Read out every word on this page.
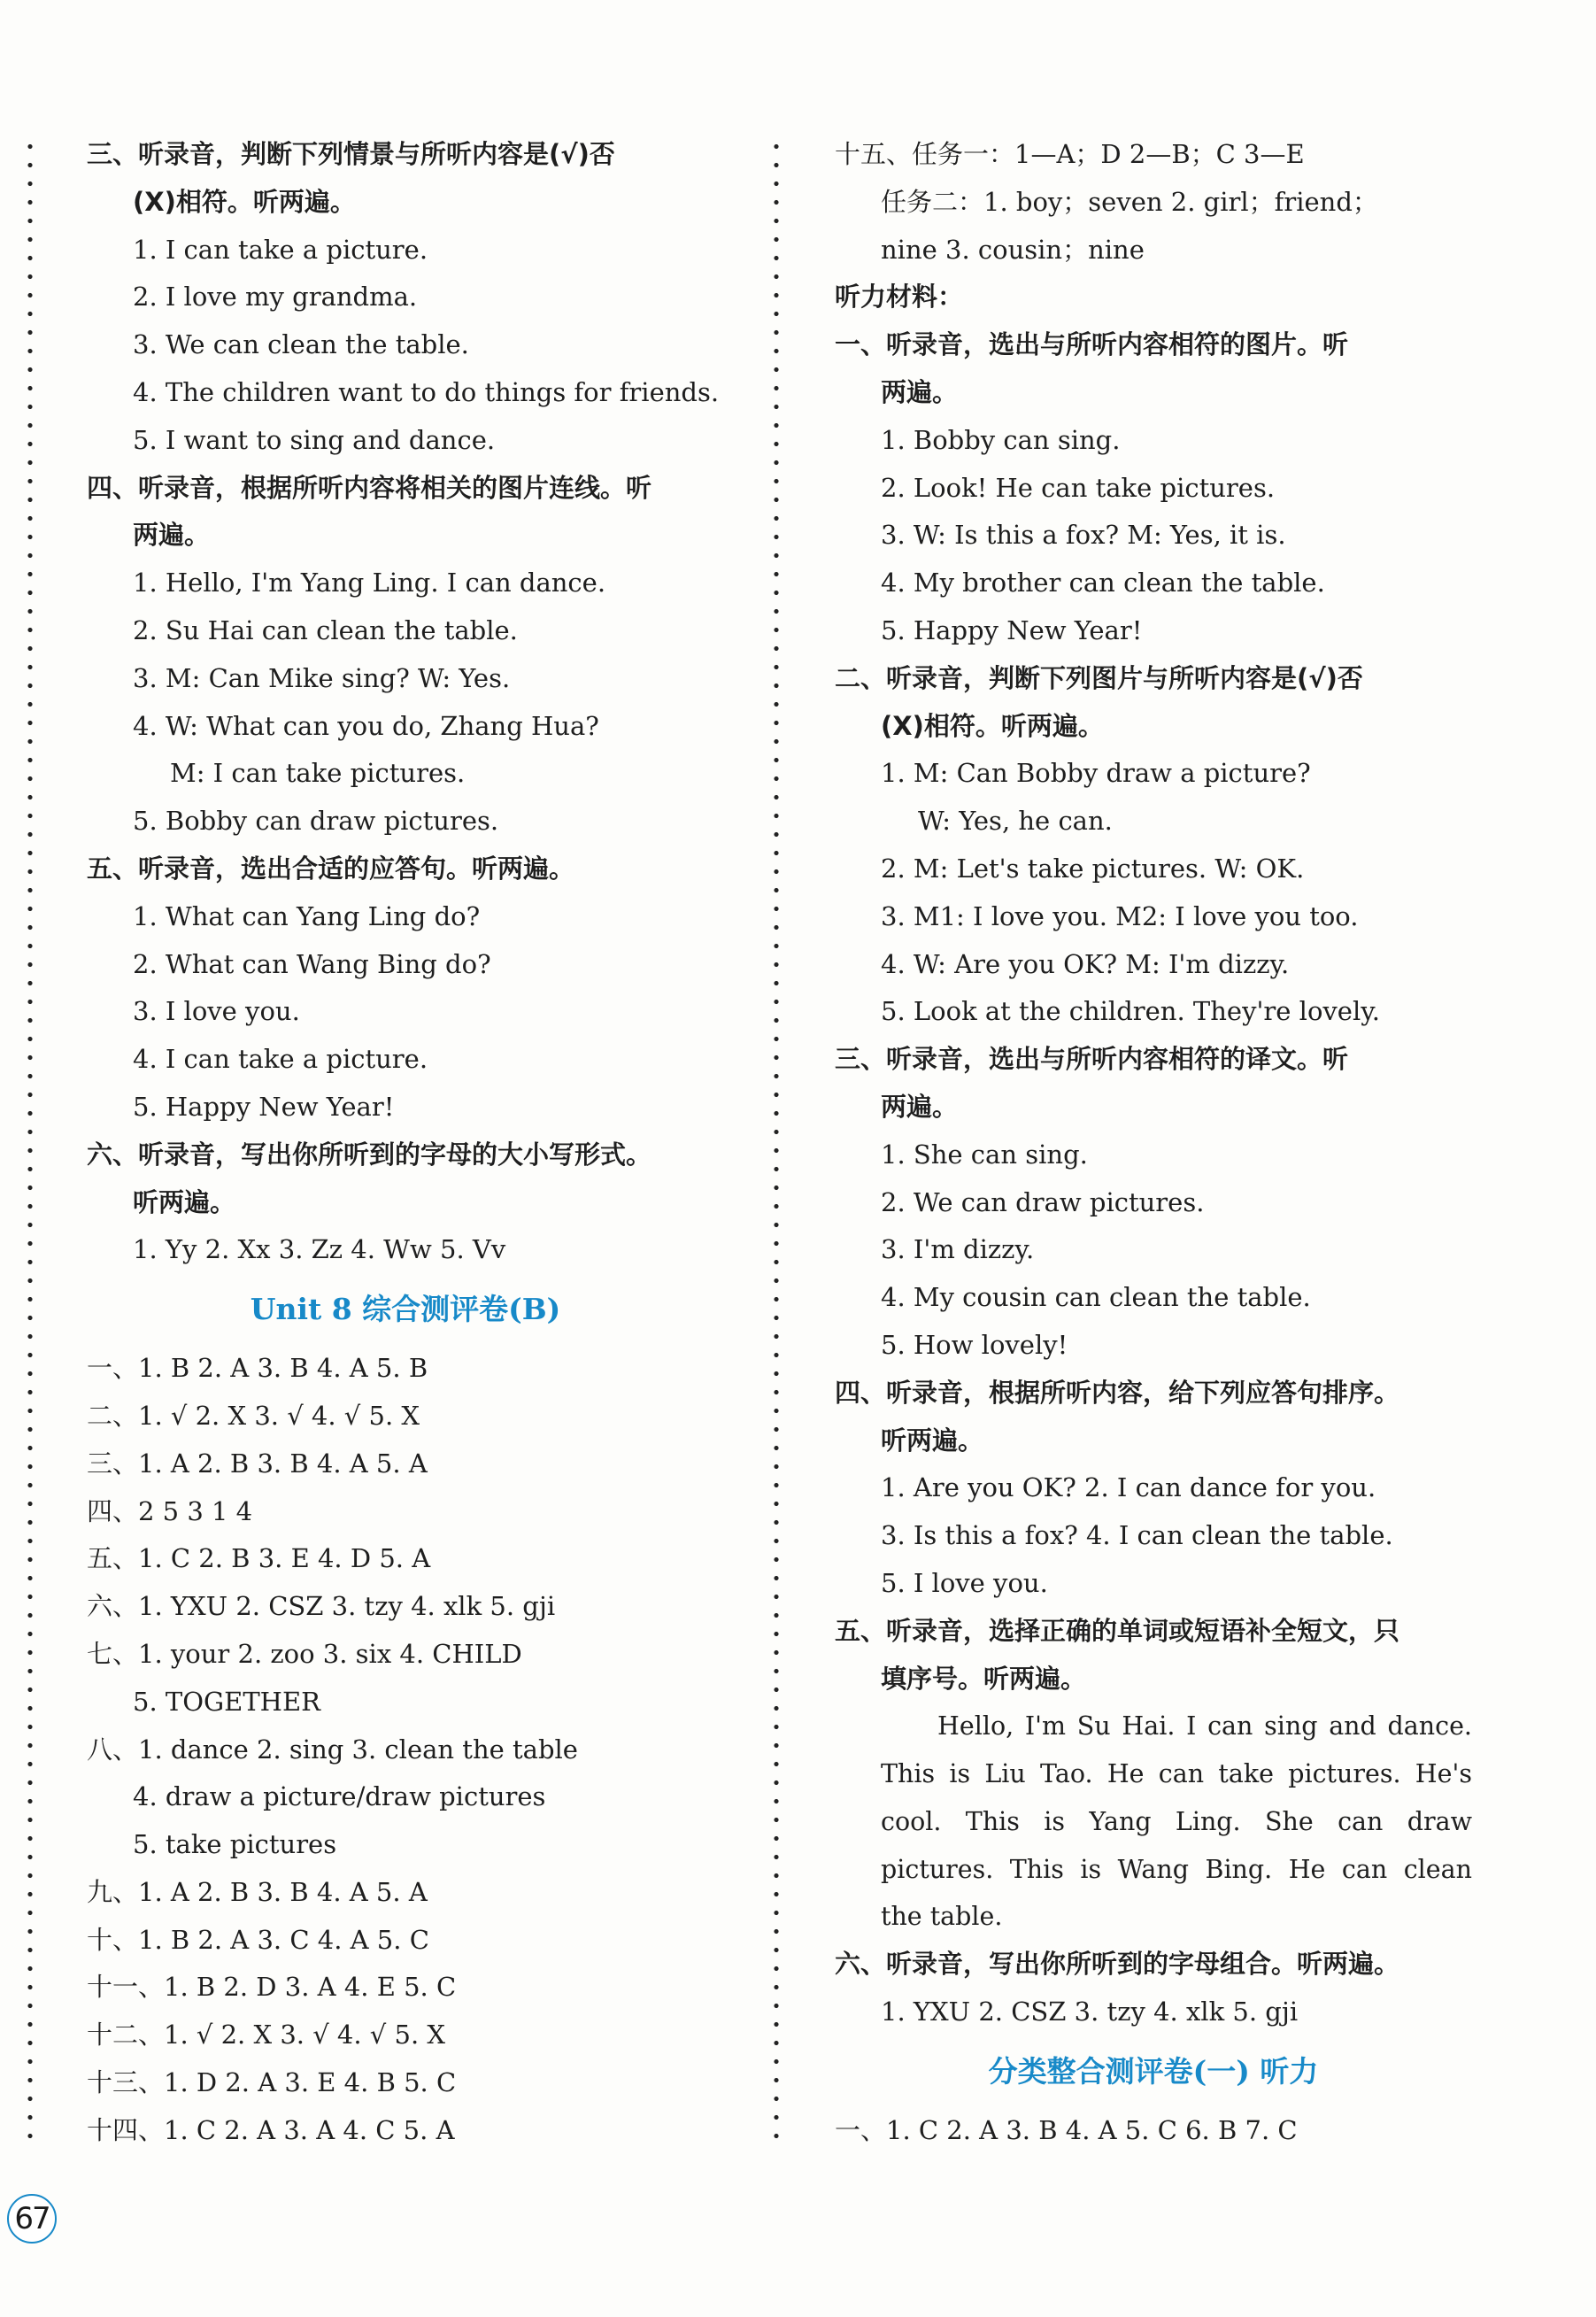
三、听录音，判断下列情景与所听内容是(√)否
(X)相符。听两遍。
1. I can take a picture.
2. I love my grandma.
3. We can clean the table.
4. The children want to do things for friends.
5. I want to sing and dance.
四、听录音，根据所听内容将相关的图片连线。听
两遍。
1. Hello, I'm Yang Ling. I can dance.
2. Su Hai can clean the table.
3. M: Can Mike sing? W: Yes.
4. W: What can you do, Zhang Hua?
M: I can take pictures.
5. Bobby can draw pictures.
五、听录音，选出合适的应答句。听两遍。
1. What can Yang Ling do?
2. What can Wang Bing do?
3. I love you.
4. I can take a picture.
5. Happy New Year!
六、听录音，写出你所听到的字母的大小写形式。
听两遍。
1. Yy 2. Xx 3. Zz 4. Ww 5. Vv
Unit 8 综合测评卷(B)
一、1. B 2. A 3. B 4. A 5. B
二、1. √ 2. X 3. √ 4. √ 5. X
三、1. A 2. B 3. B 4. A 5. A
四、2 5 3 1 4
五、1. C 2. B 3. E 4. D 5. A
六、1. YXU 2. CSZ 3. tzy 4. xlk 5. gji
七、1. your 2. zoo 3. six 4. CHILD
5. TOGETHER
八、1. dance 2. sing 3. clean the table
4. draw a picture/draw pictures
5. take pictures
九、1. A 2. B 3. B 4. A 5. A
十、1. B 2. A 3. C 4. A 5. C
十一、1. B 2. D 3. A 4. E 5. C
十二、1. √ 2. X 3. √ 4. √ 5. X
十三、1. D 2. A 3. E 4. B 5. C
十四、1. C 2. A 3. A 4. C 5. A
十五、任务一：1—A；D 2—B；C 3—E
任务二：1. boy；seven 2. girl；friend；
nine 3. cousin；nine
听力材料：
一、听录音，选出与所听内容相符的图片。听
两遍。
1. Bobby can sing.
2. Look! He can take pictures.
3. W: Is this a fox? M: Yes, it is.
4. My brother can clean the table.
5. Happy New Year!
二、听录音，判断下列图片与所听内容是(√)否
(X)相符。听两遍。
1. M: Can Bobby draw a picture?
W: Yes, he can.
2. M: Let's take pictures. W: OK.
3. M1: I love you. M2: I love you too.
4. W: Are you OK? M: I'm dizzy.
5. Look at the children. They're lovely.
三、听录音，选出与所听内容相符的译文。听
两遍。
1. She can sing.
2. We can draw pictures.
3. I'm dizzy.
4. My cousin can clean the table.
5. How lovely!
四、听录音，根据所听内容，给下列应答句排序。
听两遍。
1. Are you OK? 2. I can dance for you.
3. Is this a fox? 4. I can clean the table.
5. I love you.
五、听录音，选择正确的单词或短语补全短文，只
填序号。听两遍。
Hello, I'm Su Hai. I can sing and dance.
This is Liu Tao. He can take pictures. He's
cool. This is Yang Ling. She can draw
pictures. This is Wang Bing. He can clean
the table.
六、听录音，写出你所听到的字母组合。听两遍。
1. YXU 2. CSZ 3. tzy 4. xlk 5. gji
分类整合测评卷(一) 听力
一、1. C 2. A 3. B 4. A 5. C 6. B 7. C
67
